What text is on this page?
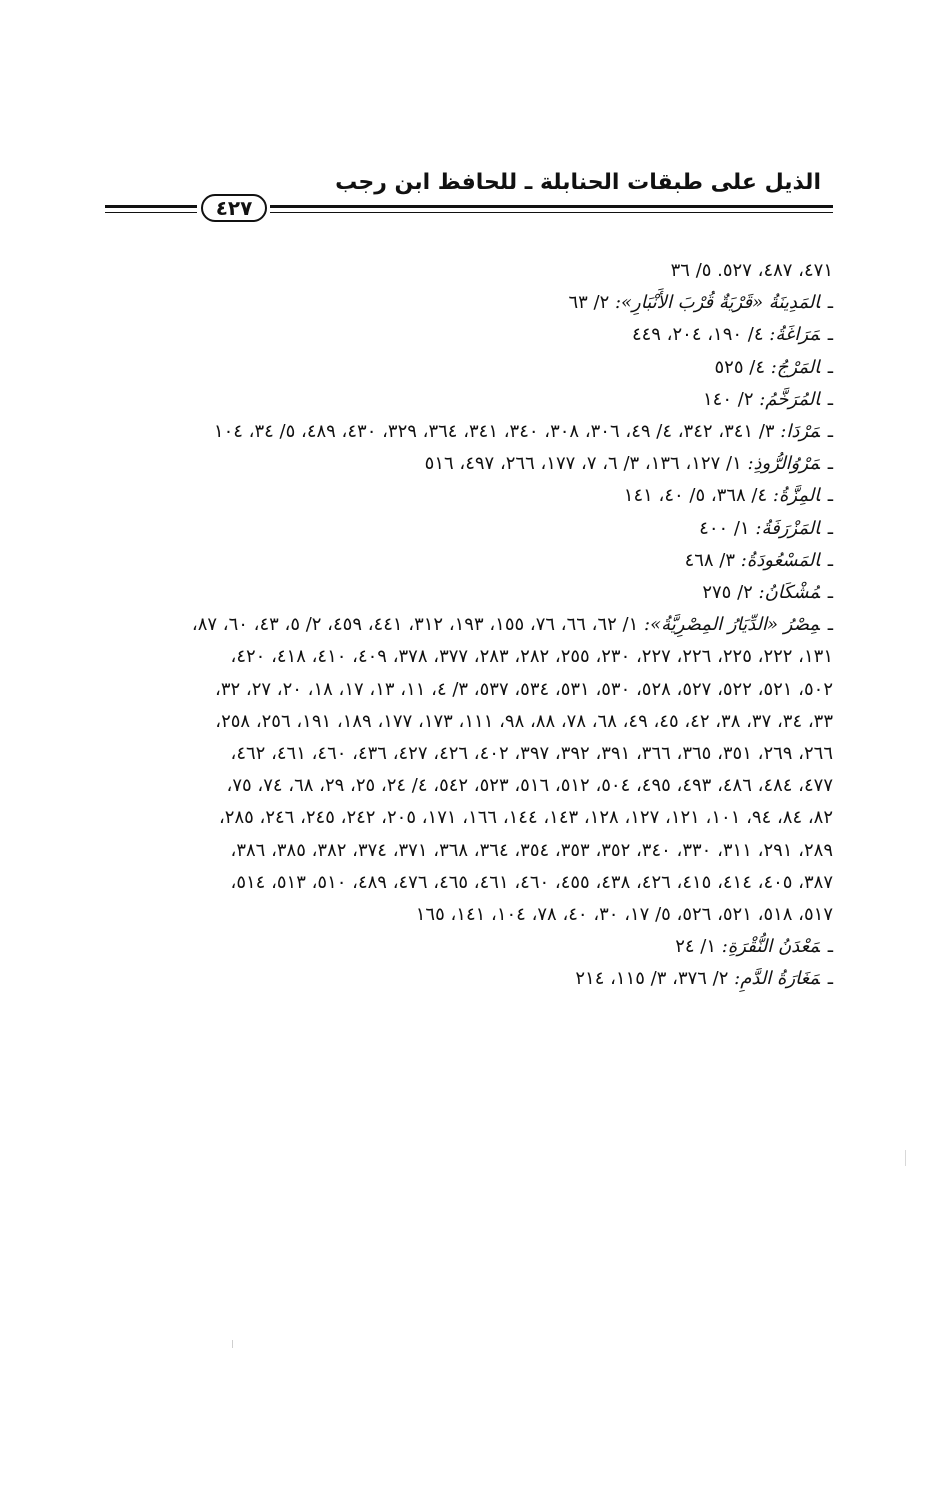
الذيل على طبقات الحنابلة ـ للحافظ ابن رجب
٤٢٧

٤٧١، ٤٨٧، ٥٢٧. ٥/ ٣٦

ـالمَدِينَةُ «قَرْيَةٌ قُرْبَ الأَنْبَارِ»: ٢/ ٦٣

ـمَرَاغَةُ: ٤/ ١٩٠، ٢٠٤، ٤٤٩

ـالمَرْجُ: ٤/ ٥٢٥

ـالمُرَخَّمُ: ٢/ ١٤٠

ـمَرْدَا: ٣/ ٣٤١، ٣٤٢، ٤/ ٤٩، ٣٠٦، ٣٠٨، ٣٤٠، ٣٤١، ٣٦٤، ٣٢٩، ٤٣٠، ٤٨٩، ٥/ ٣٤، ١٠٤

ـمَرْوُالرُّوذِ: ١/ ١٢٧، ١٣٦، ٣/ ٦، ٧، ١٧٧، ٢٦٦، ٤٩٧، ٥١٦

ـالمِزَّةُ: ٤/ ٣٦٨، ٥/ ٤٠، ١٤١

ـالمَزْرَفَةُ: ١/ ٤٠٠

ـالمَسْعُودَةُ: ٣/ ٤٦٨

ـمُشْكَانُ: ٢/ ٢٧٥

ـمِصْرُ «الدِّيَارُ المِصْرِيَّةُ»: ١/ ٦٢، ٦٦، ٧٦، ١٥٥، ١٩٣، ٣١٢، ٤٤١، ٤٥٩، ٢/ ٥، ٤٣، ٦٠، ٨٧،

١٣١، ٢٢٢، ٢٢٥، ٢٢٦، ٢٢٧، ٢٣٠، ٢٥٥، ٢٨٢، ٢٨٣، ٣٧٧، ٣٧٨، ٤٠٩، ٤١٠، ٤١٨، ٤٢٠،

٥٠٢، ٥٢١، ٥٢٢، ٥٢٧، ٥٢٨، ٥٣٠، ٥٣١، ٥٣٤، ٥٣٧، ٣/ ٤، ١١، ١٣، ١٧، ١٨، ٢٠، ٢٧، ٣٢،

٣٣، ٣٤، ٣٧، ٣٨، ٤٢، ٤٥، ٤٩، ٦٨، ٧٨، ٨٨، ٩٨، ١١١، ١٧٣، ١٧٧، ١٨٩، ١٩١، ٢٥٦، ٢٥٨،

٢٦٦، ٢٦٩، ٣٥١، ٣٦٥، ٣٦٦، ٣٩١، ٣٩٢، ٣٩٧، ٤٠٢، ٤٢٦، ٤٢٧، ٤٣٦، ٤٦٠، ٤٦١، ٤٦٢،

٤٧٧، ٤٨٤، ٤٨٦، ٤٩٣، ٤٩٥، ٥٠٤، ٥١٢، ٥١٦، ٥٢٣، ٥٤٢، ٤/ ٢٤، ٢٥، ٢٩، ٦٨، ٧٤، ٧٥،

٨٢، ٨٤، ٩٤، ١٠١، ١٢١، ١٢٧، ١٢٨، ١٤٣، ١٤٤، ١٦٦، ١٧١، ٢٠٥، ٢٤٢، ٢٤٥، ٢٤٦، ٢٨٥،

٢٨٩، ٢٩١، ٣١١، ٣٣٠، ٣٤٠، ٣٥٢، ٣٥٣، ٣٥٤، ٣٦٤، ٣٦٨، ٣٧١، ٣٧٤، ٣٨٢، ٣٨٥، ٣٨٦،

٣٨٧، ٤٠٥، ٤١٤، ٤١٥، ٤٢٦، ٤٣٨، ٤٥٥، ٤٦٠، ٤٦١، ٤٦٥، ٤٧٦، ٤٨٩، ٥١٠، ٥١٣، ٥١٤،

٥١٧، ٥١٨، ٥٢١، ٥٢٦، ٥/ ١٧، ٣٠، ٤٠، ٧٨، ١٠٤، ١٤١، ١٦٥

ـمَعْدَنُ النُّقْرَةِ: ١/ ٢٤

ـمَغَارَةُ الدَّمِ: ٢/ ٣٧٦، ٣/ ١١٥، ٢١٤
